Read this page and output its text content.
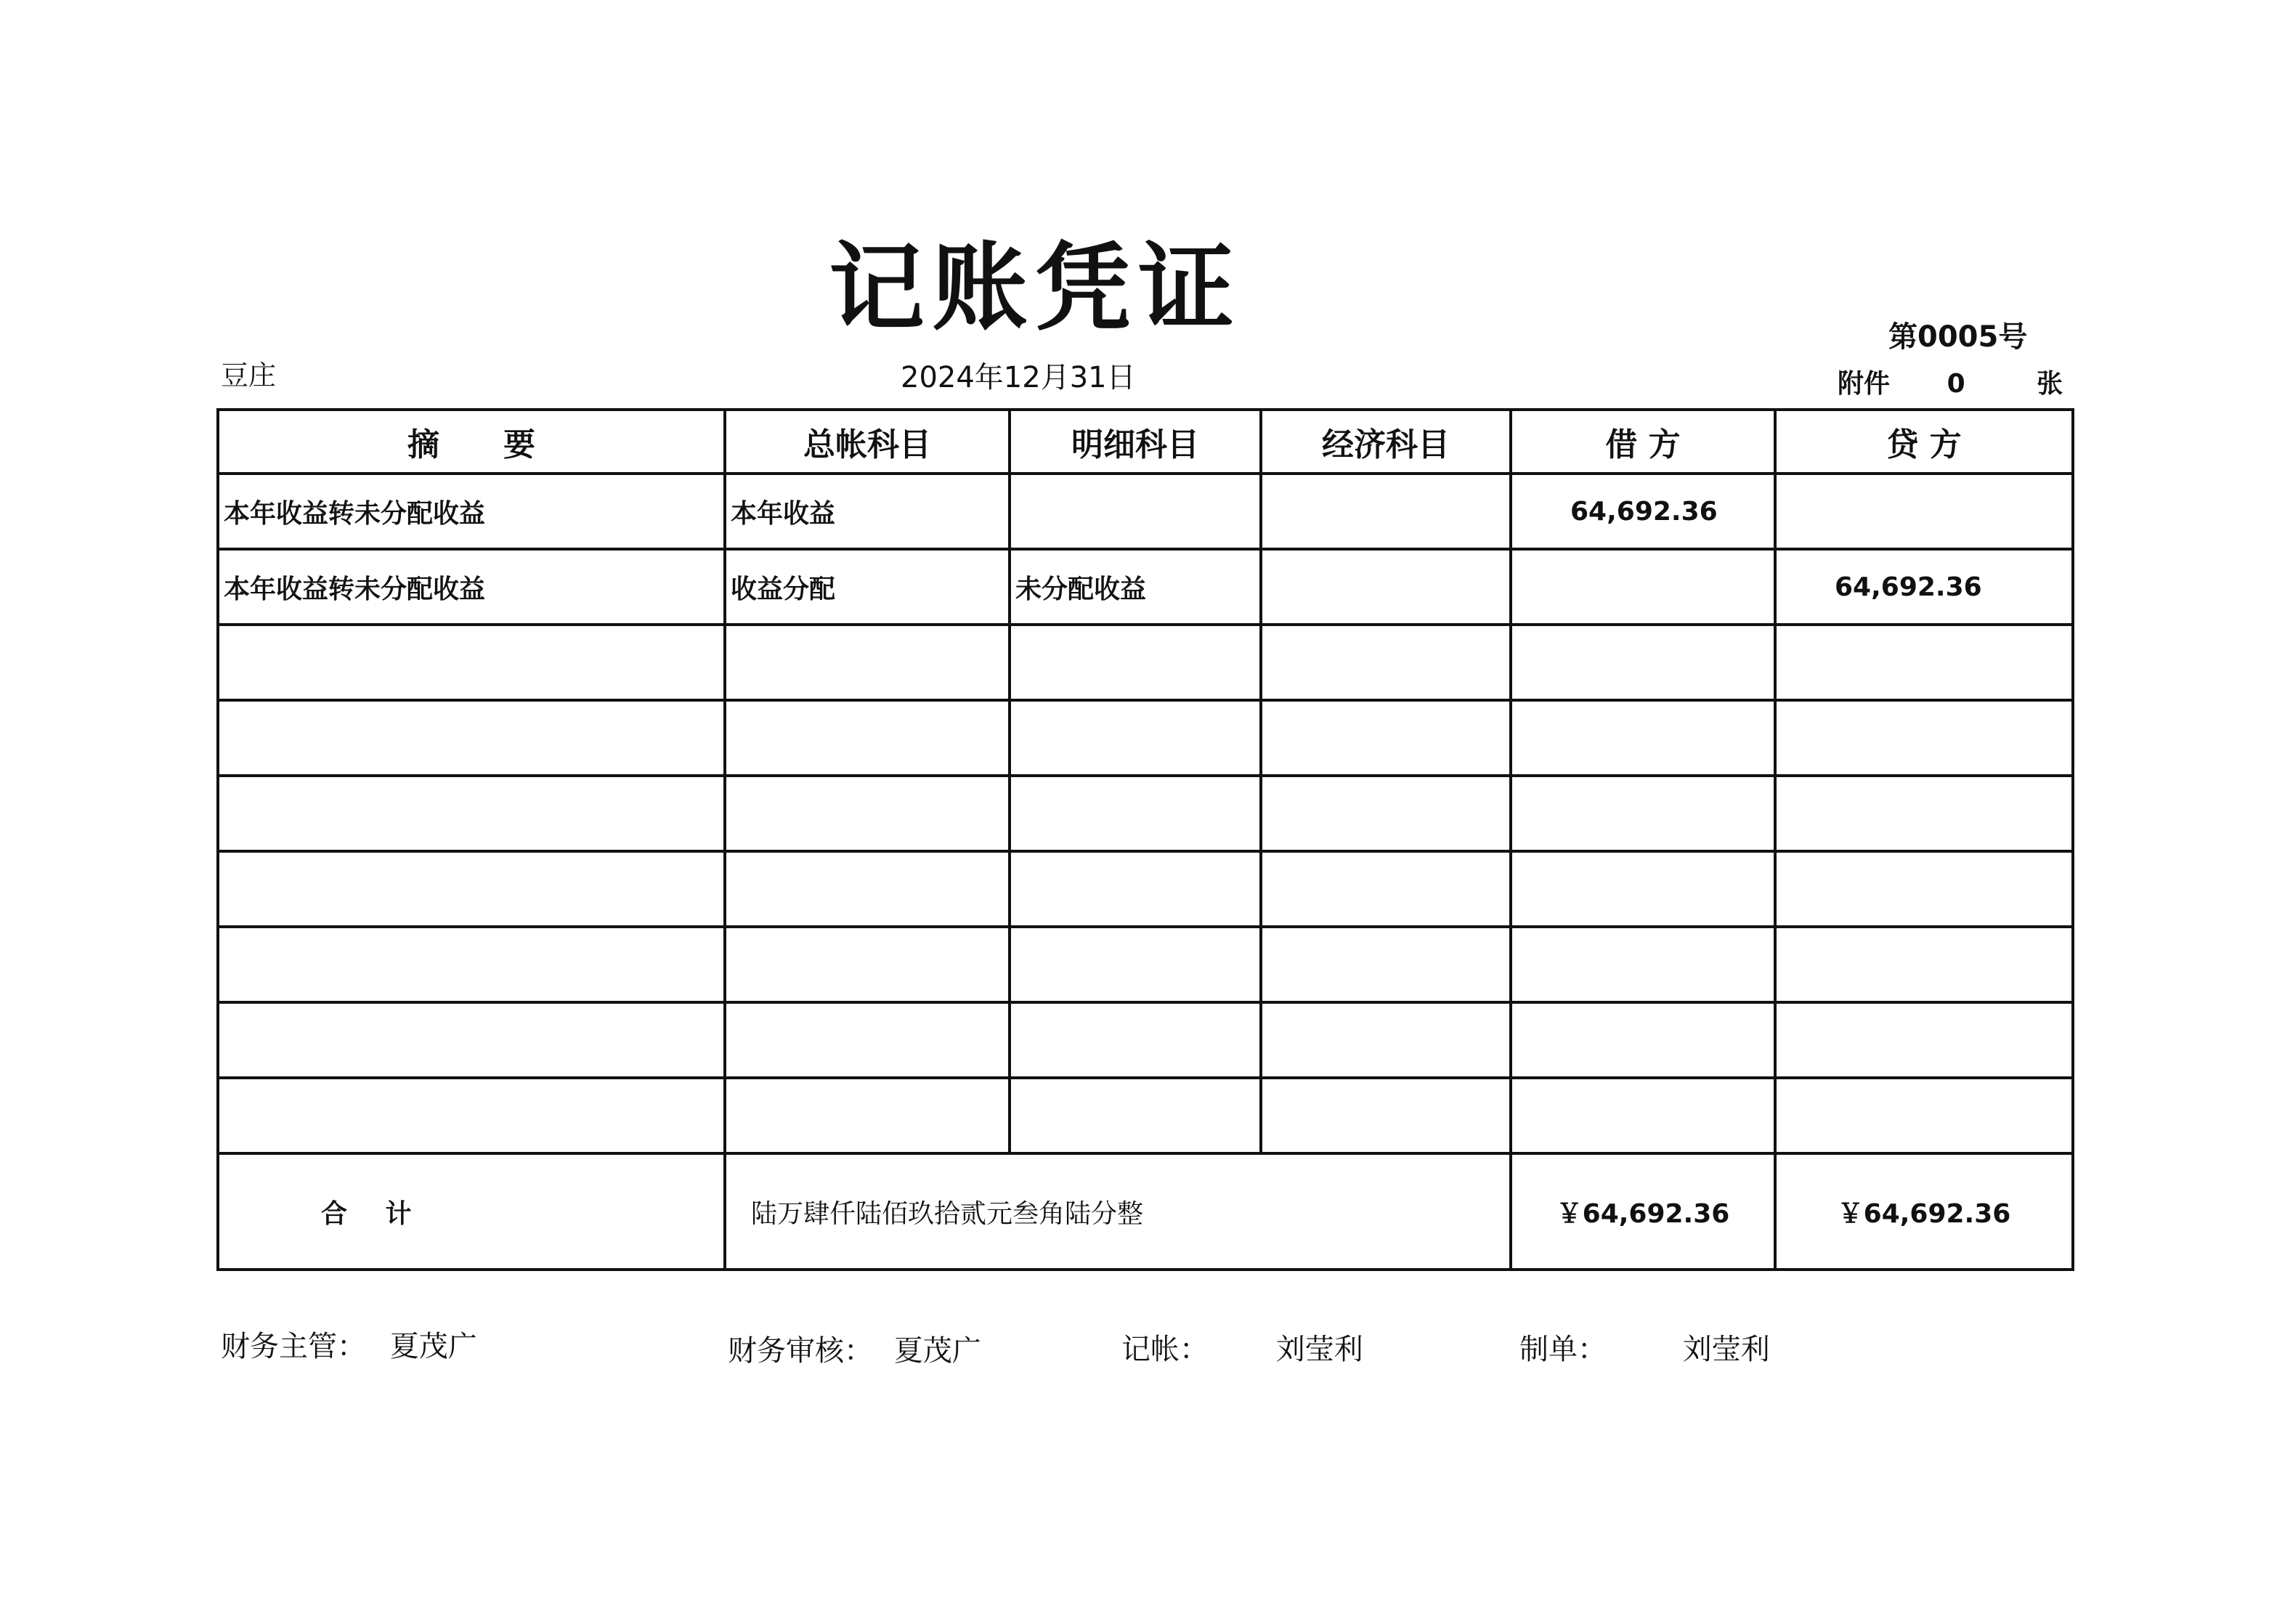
记账凭证
豆庄	2024年12月31日
第0005号
附件 0	张
摘　　要	总帐科目	明细科目	经济科目	借 方	贷 方
本年收益转未分配收益	本年收益			64,692.36	
本年收益转未分配收益	收益分配	未分配收益			64,692.36

合 计	陆万肆仟陆佰玖拾贰元叁角陆分整			￥64,692.36	￥64,692.36
财务主管： 夏茂广	财务审核： 夏茂广	记帐： 刘莹利	制单：	刘莹利
